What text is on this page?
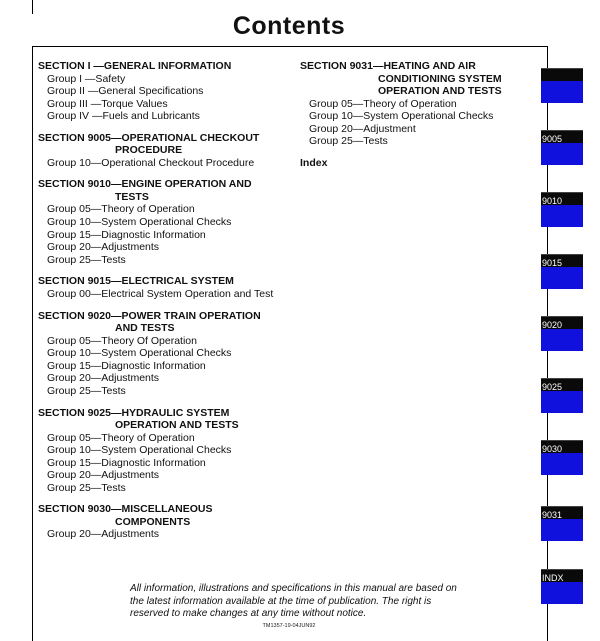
Contents
SECTION I —GENERAL INFORMATION
Group I —Safety
Group II —General Specifications
Group III —Torque Values
Group IV —Fuels and Lubricants
SECTION 9005—OPERATIONAL CHECKOUT
PROCEDURE
Group 10—Operational Checkout Procedure
SECTION 9010—ENGINE OPERATION AND
TESTS
Group 05—Theory of Operation
Group 10—System Operational Checks
Group 15—Diagnostic Information
Group 20—Adjustments
Group 25—Tests
SECTION 9015—ELECTRICAL SYSTEM
Group 00—Electrical System Operation and Test
SECTION 9020—POWER TRAIN OPERATION
AND TESTS
Group 05—Theory Of Operation
Group 10—System Operational Checks
Group 15—Diagnostic Information
Group 20—Adjustments
Group 25—Tests
SECTION 9025—HYDRAULIC SYSTEM
OPERATION AND TESTS
Group 05—Theory of Operation
Group 10—System Operational Checks
Group 15—Diagnostic Information
Group 20—Adjustments
Group 25—Tests
SECTION 9030—MISCELLANEOUS
COMPONENTS
Group 20—Adjustments
SECTION 9031—HEATING AND AIR
CONDITIONING SYSTEM
OPERATION AND TESTS
Group 05—Theory of Operation
Group 10—System Operational Checks
Group 20—Adjustment
Group 25—Tests
Index
All information, illustrations and specifications in this manual are based on the latest information available at the time of publication. The right is reserved to make changes at any time without notice.
TM1357-19-04JUN92
9005
9010
9015
9020
9025
9030
9031
INDX
